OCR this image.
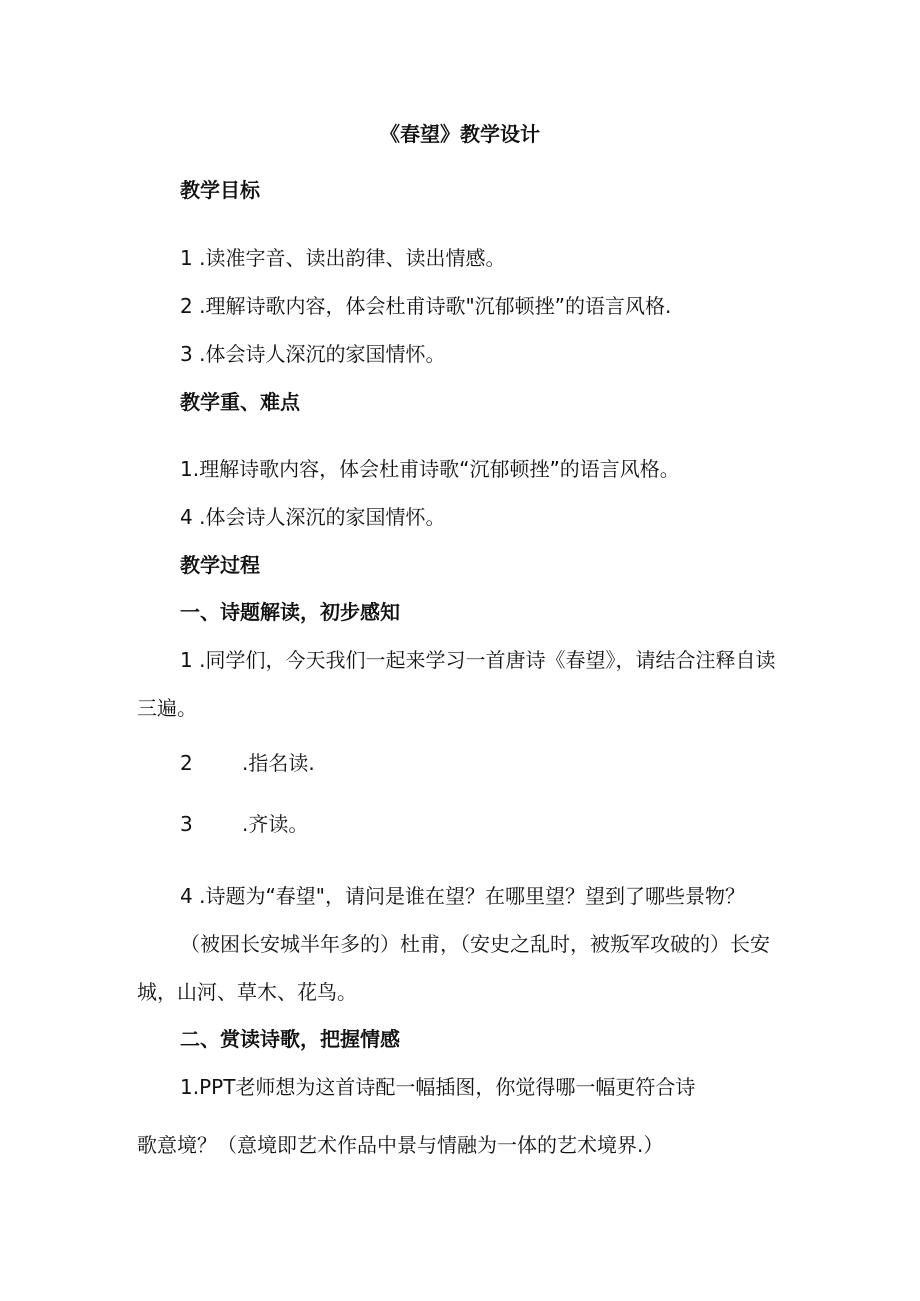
《春望》教学设计
教学目标
1 .读准字音、读出韵律、读出情感。
2 .理解诗歌内容，体会杜甫诗歌"沉郁顿挫”的语言风格.
3 .体会诗人深沉的家国情怀。
教学重、难点
1.理解诗歌内容，体会杜甫诗歌“沉郁顿挫”的语言风格。
4 .体会诗人深沉的家国情怀。
教学过程
一、诗题解读，初步感知
1 .同学们，今天我们一起来学习一首唐诗《春望》，请结合注释自读
三遍。
2 .指名读.
3 .齐读。
4 .诗题为“春望"，请问是谁在望？在哪里望？望到了哪些景物？
（被困长安城半年多的）杜甫，（安史之乱时，被叛军攻破的）长安
城，山河、草木、花鸟。
二、赏读诗歌，把握情感
1.PPT老师想为这首诗配一幅插图，你觉得哪一幅更符合诗
歌意境？（意境即艺术作品中景与情融为一体的艺术境界.）
